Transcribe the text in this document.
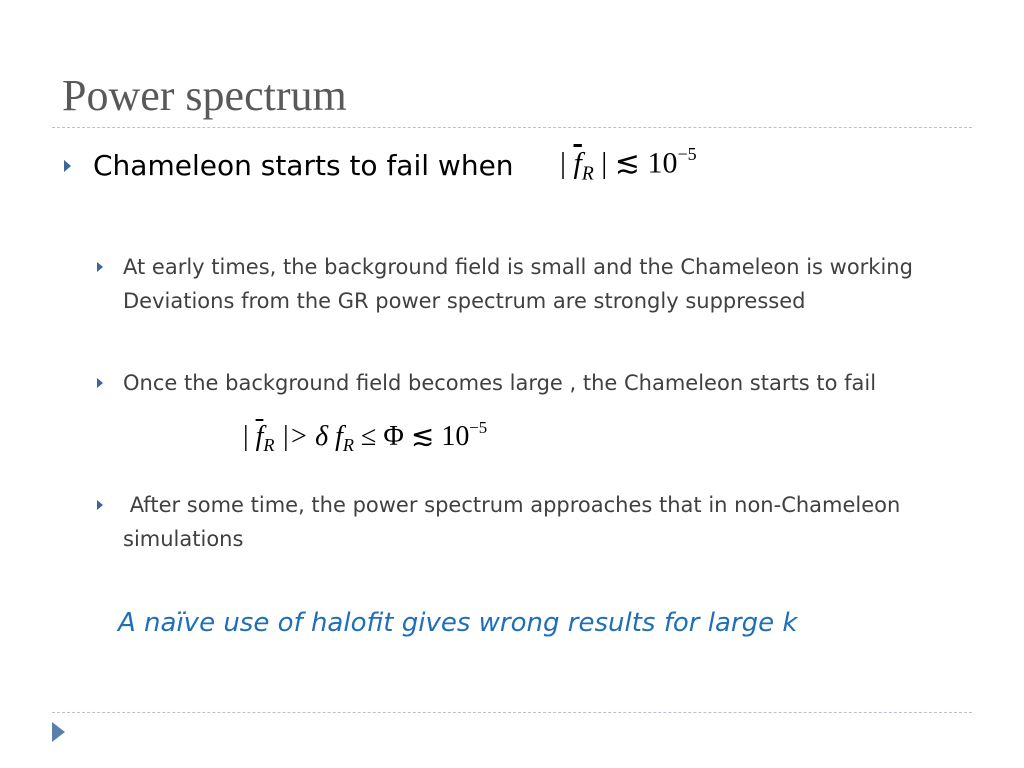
Power spectrum
Chameleon starts to fail when | $\overline{f}_R$ | ≲ $10^{-5}$
At early times, the background field is small and the Chameleon is working Deviations from the GR power spectrum are strongly suppressed
Once the background field becomes large , the Chameleon starts to fail
| $\overline{f}_R$ |> δ $f_R \le \Phi$ ≲ $10^{-5}$
After some time, the power spectrum approaches that in non-Chameleon simulations
A naïve use of halofit gives wrong results for large k
